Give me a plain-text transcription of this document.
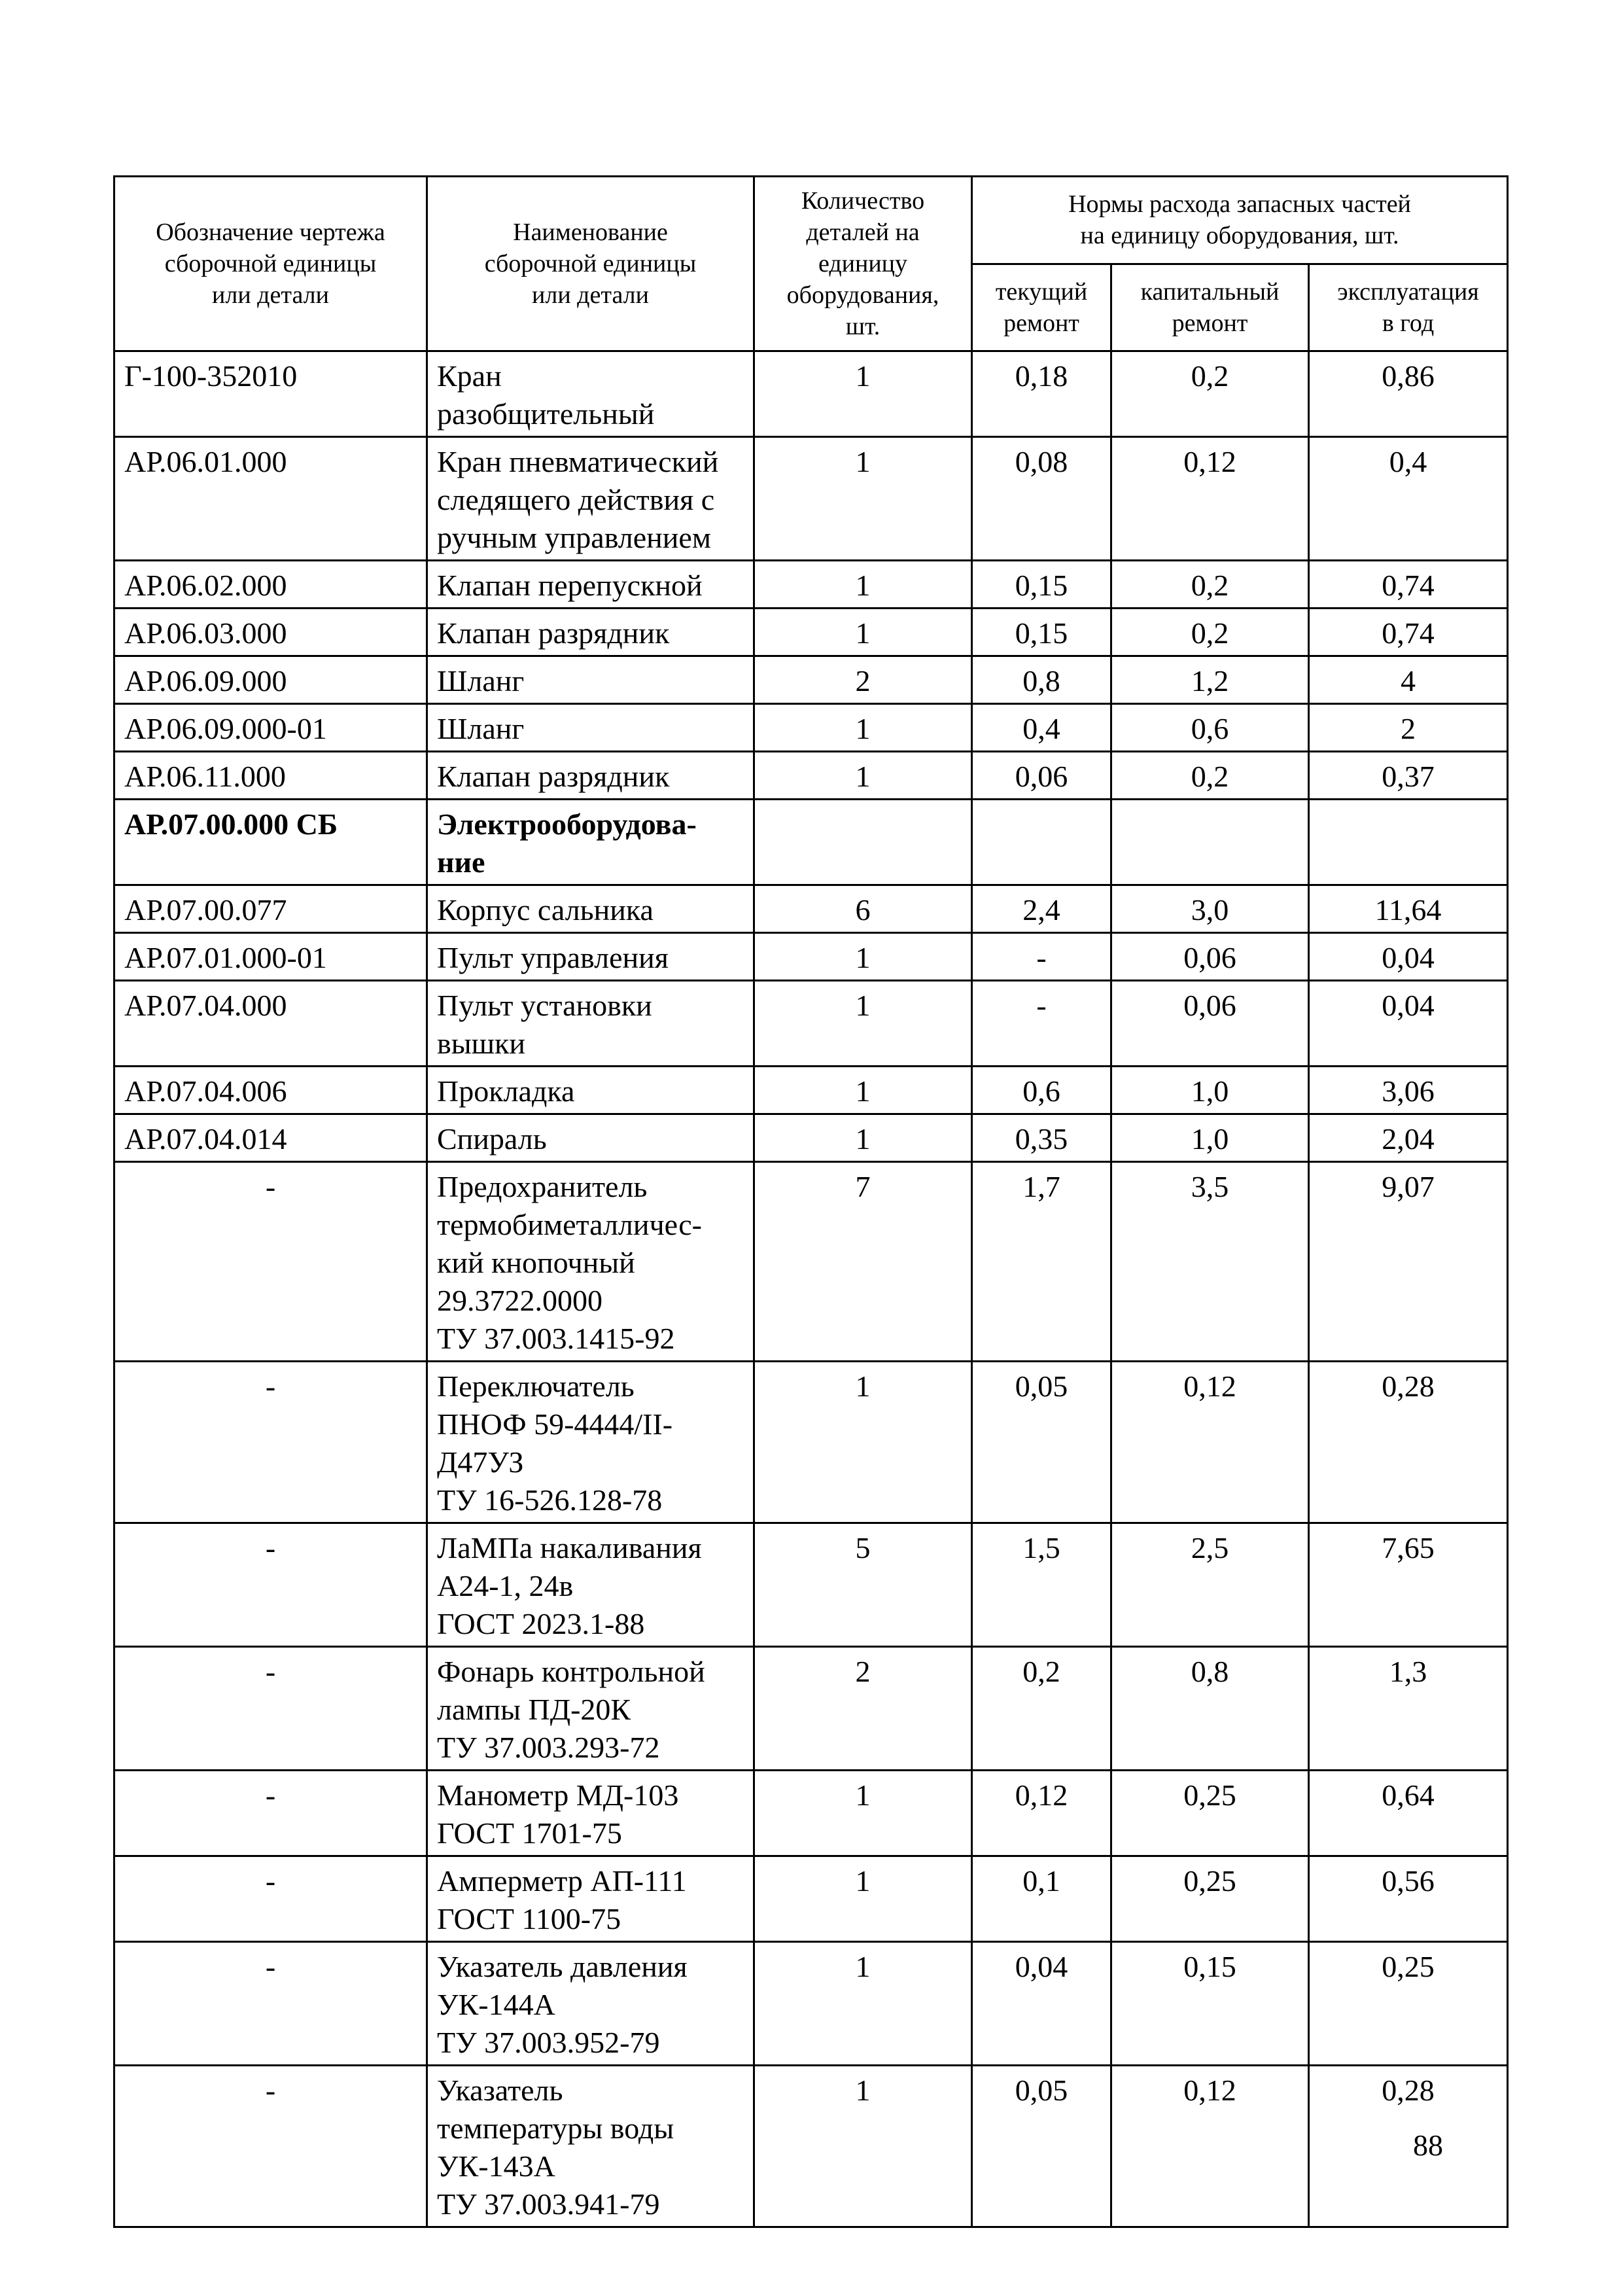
Обозначение чертежа
сборочной единицы
или детали	Наименование
сборочной единицы
или детали	Количество
деталей на
единицу
оборудования,
шт.	Нормы расхода запасных частей
на единицу оборудования, шт.		
			текущий
ремонт	капитальный
ремонт	эксплуатация
в год
Г-100-352010	Кран
разобщительный	1	0,18	0,2	0,86
АР.06.01.000	Кран пневматический
следящего действия с
ручным управлением	1	0,08	0,12	0,4
АР.06.02.000	Клапан перепускной	1	0,15	0,2	0,74
АР.06.03.000	Клапан разрядник	1	0,15	0,2	0,74
АР.06.09.000	Шланг	2	0,8	1,2	4
АР.06.09.000-01	Шланг	1	0,4	0,6	2
АР.06.11.000	Клапан разрядник	1	0,06	0,2	0,37
АР.07.00.000 СБ	Электрооборудова-
ние				
АР.07.00.077	Корпус сальника	6	2,4	3,0	11,64
АР.07.01.000-01	Пульт управления	1	-	0,06	0,04
АР.07.04.000	Пульт установки
вышки	1	-	0,06	0,04
АР.07.04.006	Прокладка	1	0,6	1,0	3,06
АР.07.04.014	Спираль	1	0,35	1,0	2,04
-	Предохранитель
термобиметалличес-
кий кнопочный
29.3722.0000
ТУ 37.003.1415-92	7	1,7	3,5	9,07
-	Переключатель
ПНОФ 59-4444/II-
Д47УЗ
ТУ 16-526.128-78	1	0,05	0,12	0,28
-	ЛаМПа накаливания
А24-1, 24в
ГОСТ 2023.1-88	5	1,5	2,5	7,65
-	Фонарь контрольной
лампы ПД-20К
ТУ 37.003.293-72	2	0,2	0,8	1,3
-	Манометр МД-103
ГОСТ 1701-75	1	0,12	0,25	0,64
-	Амперметр АП-111
ГОСТ 1100-75	1	0,1	0,25	0,56
-	Указатель давления
УК-144А
ТУ 37.003.952-79	1	0,04	0,15	0,25
-	Указатель
температуры воды
УК-143А
ТУ 37.003.941-79	1	0,05	0,12	0,28
88
